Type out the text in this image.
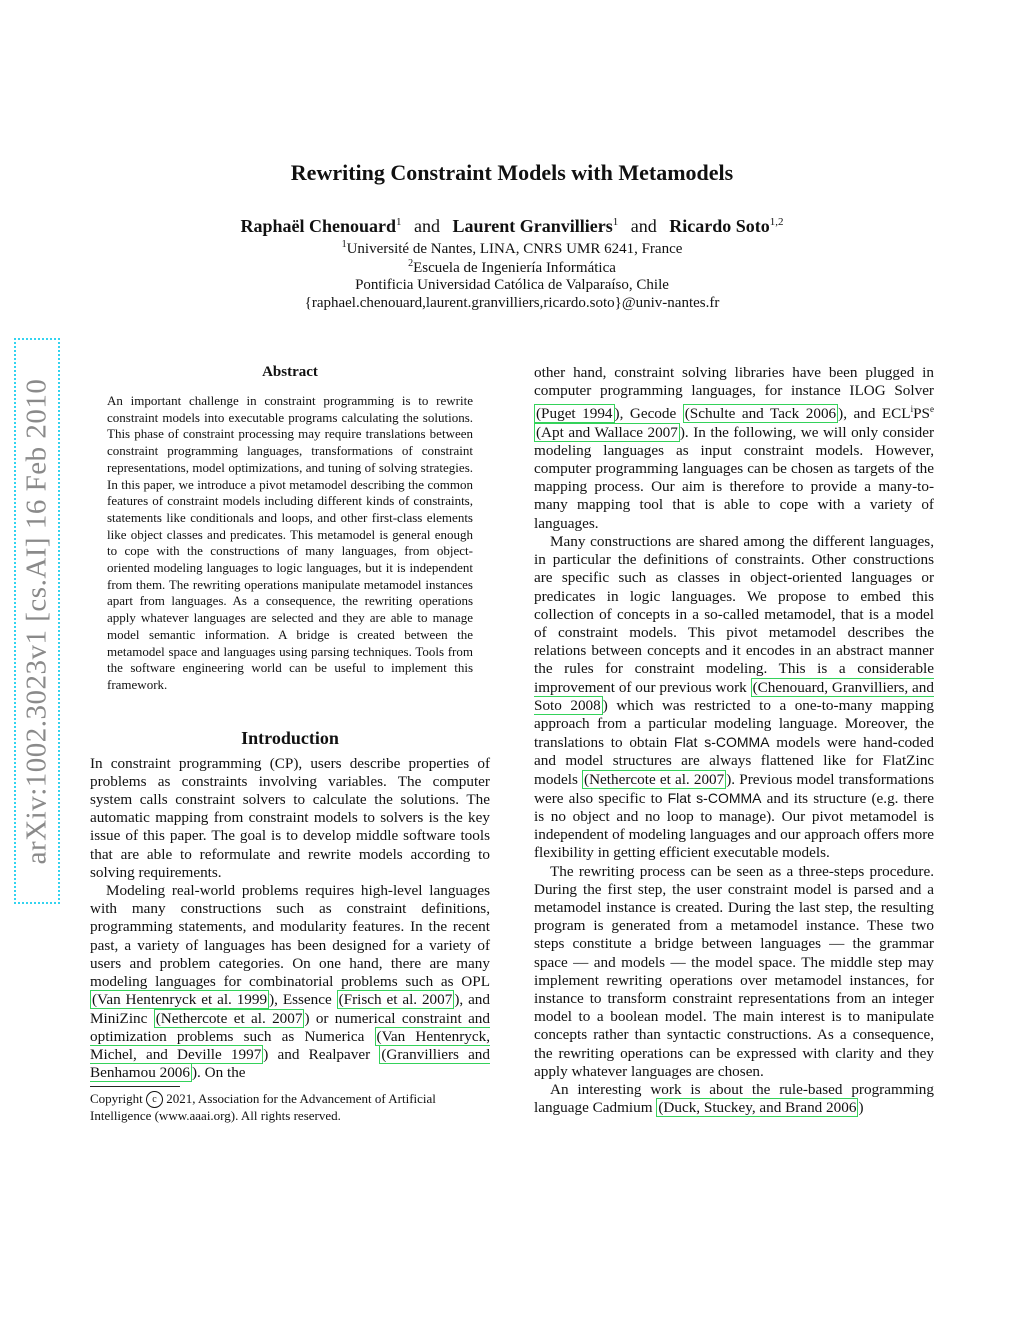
arXiv:1002.3023v1 [cs.AI] 16 Feb 2010
Rewriting Constraint Models with Metamodels
Raphaël Chenouard$^1$ and Laurent Granvilliers$^1$ and Ricardo Soto$^{1,2}$
$^1$Université de Nantes, LINA, CNRS UMR 6241, France
$^2$Escuela de Ingeniería Informática
Pontificia Universidad Católica de Valparaíso, Chile
{raphael.chenouard,laurent.granvilliers,ricardo.soto}@univ-nantes.fr
Abstract
An important challenge in constraint programming is to rewrite constraint models into executable programs calculating the solutions. This phase of constraint processing may require translations between constraint programming languages, transformations of constraint representations, model optimizations, and tuning of solving strategies. In this paper, we introduce a pivot metamodel describing the common features of constraint models including different kinds of constraints, statements like conditionals and loops, and other first-class elements like object classes and predicates. This metamodel is general enough to cope with the constructions of many languages, from object-oriented modeling languages to logic languages, but it is independent from them. The rewriting operations manipulate metamodel instances apart from languages. As a consequence, the rewriting operations apply whatever languages are selected and they are able to manage model semantic information. A bridge is created between the metamodel space and languages using parsing techniques. Tools from the software engineering world can be useful to implement this framework.
Introduction

In constraint programming (CP), users describe properties of problems as constraints involving variables. The computer system calls constraint solvers to calculate the solutions. The automatic mapping from constraint models to solvers is the key issue of this paper. The goal is to develop middle software tools that are able to reformulate and rewrite models according to solving requirements.

Modeling real-world problems requires high-level languages with many constructions such as constraint definitions, programming statements, and modularity features. In the recent past, a variety of languages has been designed for a variety of users and problem categories. On one hand, there are many modeling languages for combinatorial problems such as OPL (Van Hentenryck et al. 1999 ), Essence (Frisch et al. 2007 ), and MiniZinc (Nethercote et al. 2007 ) or numerical constraint and optimization problems such as Numerica (Van Hentenryck, Michel, and Deville 1997 ) and Realpaver (Granvilliers and Benhamou 2006 ). On the

Copyright c 2021, Association for the Advancement of Artificial Intelligence (www.aaai.org). All rights reserved.

other hand, constraint solving libraries have been plugged in computer programming languages, for instance ILOG Solver (Puget 1994 ), Gecode (Schulte and Tack 2006 ), and $ECL^iPS^e$ (Apt and Wallace 2007 ). In the following, we will only consider modeling languages as input constraint models. However, computer programming languages can be chosen as targets of the mapping process. Our aim is therefore to provide a many-to-many mapping tool that is able to cope with a variety of languages.

Many constructions are shared among the different languages, in particular the definitions of constraints. Other constructions are specific such as classes in object-oriented languages or predicates in logic languages. We propose to embed this collection of concepts in a so-called metamodel, that is a model of constraint models. This pivot metamodel describes the relations between concepts and it encodes in an abstract manner the rules for constraint modeling. This is a considerable improvement of our previous work (Chenouard, Granvilliers, and Soto 2008 ) which was restricted to a one-to-many mapping approach from a particular modeling language. Moreover, the translations to obtain Flat s-COMMA models were hand-coded and model structures are always flattened like for FlatZinc models (Nethercote et al. 2007 ). Previous model transformations were also specific to Flat s-COMMA and its structure (e.g. there is no object and no loop to manage). Our pivot metamodel is independent of modeling languages and our approach offers more flexibility in getting efficient executable models.

The rewriting process can be seen as a three-steps procedure. During the first step, the user constraint model is parsed and a metamodel instance is created. During the last step, the resulting program is generated from a metamodel instance. These two steps constitute a bridge between languages — the grammar space — and models — the model space. The middle step may implement rewriting operations over metamodel instances, for instance to transform constraint representations from an integer model to a boolean model. The main interest is to manipulate concepts rather than syntactic constructions. As a consequence, the rewriting operations can be expressed with clarity and they apply whatever languages are chosen.

An interesting work is about the rule-based programming language Cadmium (Duck, Stuckey, and Brand 2006 )
